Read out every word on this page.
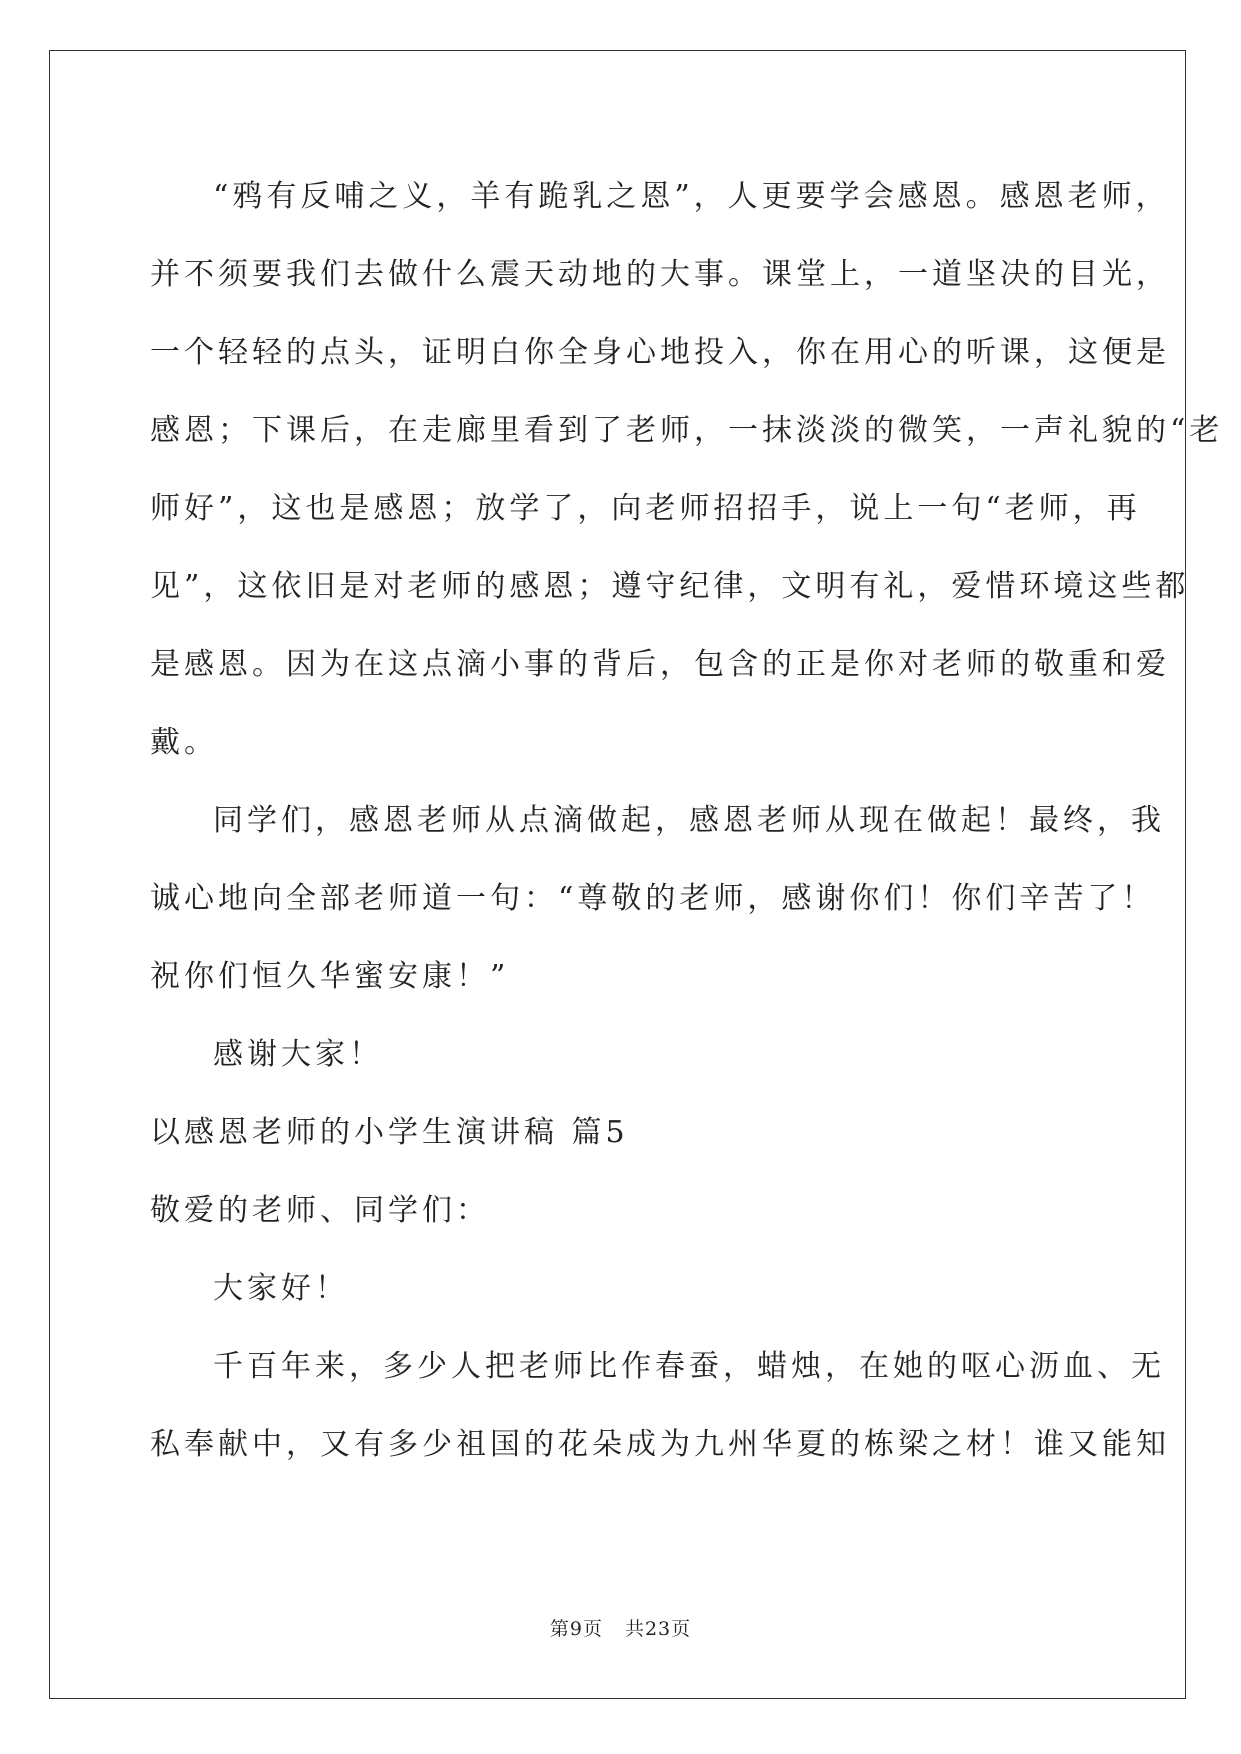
“鸦有反哺之义，羊有跪乳之恩”，人更要学会感恩。感恩老师，
并不须要我们去做什么震天动地的大事。课堂上，一道坚决的目光，
一个轻轻的点头，证明白你全身心地投入，你在用心的听课，这便是
感恩；下课后，在走廊里看到了老师，一抹淡淡的微笑，一声礼貌的“老
师好”，这也是感恩；放学了，向老师招招手，说上一句“老师，再
见”，这依旧是对老师的感恩；遵守纪律，文明有礼，爱惜环境这些都
是感恩。因为在这点滴小事的背后，包含的正是你对老师的敬重和爱
戴。
同学们，感恩老师从点滴做起，感恩老师从现在做起！最终，我
诚心地向全部老师道一句：“尊敬的老师，感谢你们！你们辛苦了！
祝你们恒久华蜜安康！”
感谢大家！
以感恩老师的小学生演讲稿 篇5
敬爱的老师、同学们：
大家好！
千百年来，多少人把老师比作春蚕，蜡烛，在她的呕心沥血、无
私奉献中，又有多少祖国的花朵成为九州华夏的栋梁之材！谁又能知
第9页 共23页
